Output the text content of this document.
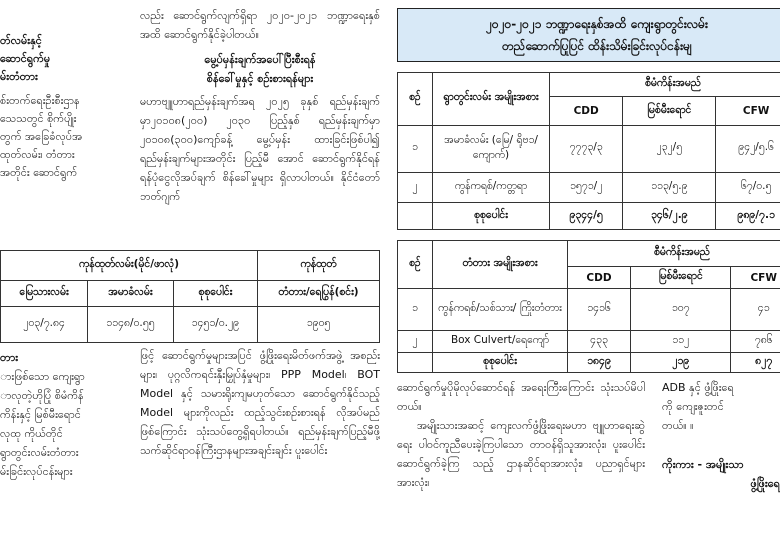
တ်လမ်းနှင့်
ဆောင်ရွက်မှု
မ်းတံတား
စ်းတက်ရေးဦးစီးဌာန
သေသတွင် စိုက်ပျိုး
တွက် အခြေခံလုပ်အ
ထုတ်လမ်း၊ တံတား
အတိုင်း ဆောင်ရွက်
တား
ားဖြစ်သော ကျေးရွာ
ာလုတဲ့ဟိုပြုံ စိမံကိန်
ကိန်းနှင့် မြစ်မီးရောင်
လုထု ကိုယ်တိုင်
ရွာတွင်းလမ်းတံတား
မ်းခြင်းလုပ်ငန်းများ
ကုန်ထုတ်လမ်း(မိုင်/ဖာလုံ)			ကုန်ထုတ်
မြေသားလမ်း	အမာခံလမ်း	စုစုပေါင်း	တံတား/ရေပြွန်(စင်း)
၂၀၃/၇.၈၄	၁၁၄၈/၀.၅၅	၁၄၅၁/၀.၂၉	၁၉၀၅

လည်း ဆောင်ရွက်လျက်ရှိရာ ၂၀၂၀-၂၀၂၁ ဘဏ္ဍာရေးနှစ်အထိ ဆောင်ရွက်နိုင်ခဲ့ပါတယ်။

မွေ့ပ်မှန်းချက်အပေါ်ပြီးစီးရန်

စိန်ခေါ်မှုနှင့် စဉ်းစားရန်များ

မဟာဗျူဟာရည်မှန်းချက်အရ ၂၀၂၅ ခုနှစ် ရည်မှန်းချက်မှာ၂၀၁၀၈(၂၀၀) ၂၀၃၀ ပြည့်နှစ် ရည်မှန်းချက်မှာ ၂၀၁၀၈(၃၀၀)ကျော်ခန့် မွေ့ပ်မှန်း ထားခြင်းဖြစ်ပါ၍ ရည်မှန်းချက်များအတိုင်း ပြည့်မီ အောင် ဆောင်ရွက်နိုင်ရန် ရန်ပုံငွေလိုအပ်ချက် စိန်ခေါ်မှုများ ရှိလာပါတယ်။ နိုင်ငံတော်ဘတ်ဂျက်

ဖြင့် ဆောင်ရွက်မှုများအပြင် ဖွံ့ဖြိုးရေးမိတ်ဖက်အဖွဲ့ အစည်းများ၊ ပုဂ္ဂလိကရင်းနှီးမြှုပ်နှံမှုများ၊ PPP Model၊ BOT Model နှင့် သမားရိုးကျမဟုတ်သော ဆောင်ရွက်နိုင်သည့် Model များကိုလည်း ထည့်သွင်းစဉ်းစားရန် လိုအပ်မည်ဖြစ်ကြောင်း သုံးသပ်တွေ့ရှိရပါတယ်။ ရည်မှန်းချက်ပြည့်မီဖို့ သက်ဆိုင်ရာဝန်ကြီးဌာနများအချင်းချင်း ပူးပေါင်း

၂၀၂၀-၂၀၂၁ ဘဏ္ဍာရေးနှစ်အထိ ကျေးရွာတွင်းလမ်း
တည်ဆောက်ပြုပြင် ထိန်းသိမ်းခြင်းလုပ်ငန်းမျ
စဉ်	ရွာတွင်းလမ်း အမျိုးအစား	စီမံကိန်းအမည်		
		CDD	မြစ်မီးရောင်	CFW
၁	အမာခံလမ်း (မြေ/ ရိုဗ၁/ကျောက်)	၇၇၇၃/၃	၂၃၂/၅	၉၄၂/၅.၆
၂	ကွန်ကရစ်/ကတ္တရာ	၁၅၇၁/၂	၁၁၃/၅.၉	၆၇/၀.၅
	စုစုပေါင်း	၉၃၄၄/၅	၃၄၆/၂.၉	၉၈၉/၇.၁
စဉ်	တံတား အမျိုးအစား	စီမံကိန်းအမည်		
		CDD	မြစ်မီးရောင်	CFW
၁	ကွန်ကရစ်/သစ်သား/ ကြိုးတံတား	၁၄၁၆	၁၀၇	၄၁
၂	Box Culvert/ရေကျော်	၄၃၃	၁၁၂	၇၈၆
	စုစုပေါင်း	၁၈၄၉	၂၁၉	၈၂၇

ဆောင်ရွက်မှုပိုမိုလုပ်ဆောင်ရန် အရေးကြီးကြောင်း သုံးသပ်မိပါတယ်။

အမျိုးသားအဆင့် ကျေးလက်ဖွံ့ဖြိုးရေးမဟာ ဗျူဟာရေးဆွဲရေး ပါဝင်ကူညီပေးခဲ့ကြပါသော တာဝန်ရှိသူအားလုံး၊ ပူးပေါင်းဆောင်ရွက်ခဲ့ကြ သည့် ဌာနဆိုင်ရာအားလုံး၊ ပညာရှင်များအားလုံး၊

ADB နှင့် ဖွံ့ဖြိုးရေ
ကို ကျေးဇူးတင်
တယ်။ ။
ကိုးကား - အမျိုးသာ
ဖွံ့ဖြိုးရေ
